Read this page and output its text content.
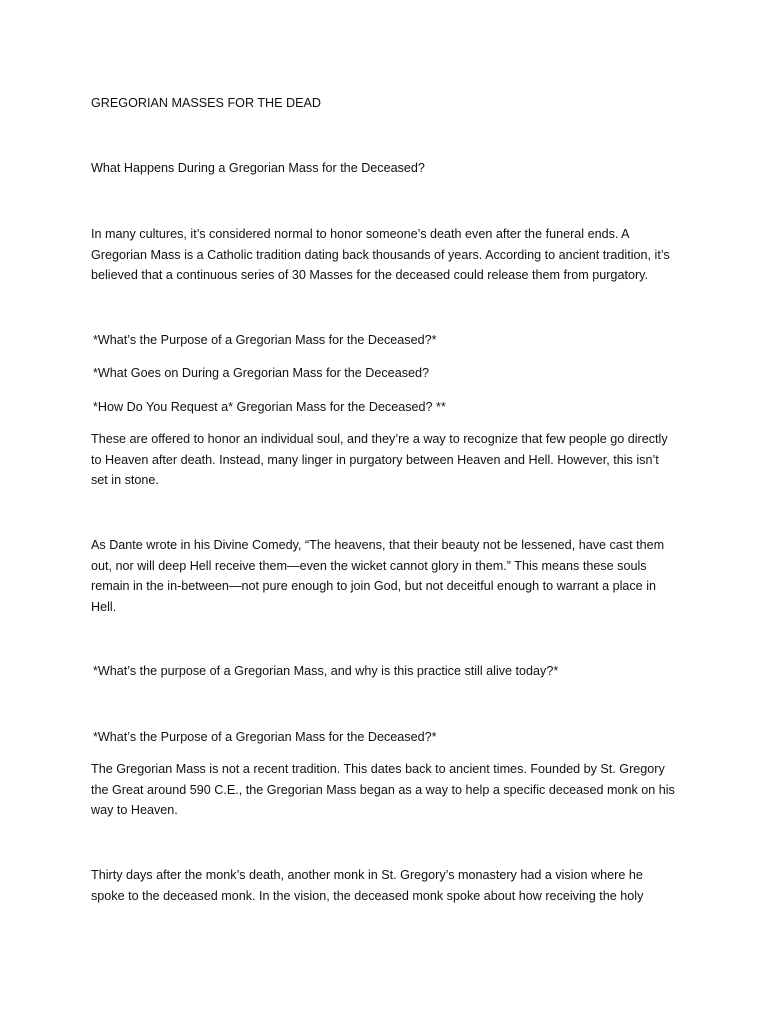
GREGORIAN MASSES FOR THE DEAD

What Happens During a Gregorian Mass for the Deceased?

In many cultures, it’s considered normal to honor someone’s death even after the funeral ends. A

Gregorian Mass is a Catholic tradition dating back thousands of years. According to ancient tradition, it’s

believed that a continuous series of 30 Masses for the deceased could release them from purgatory.

*What’s the Purpose of a Gregorian Mass for the Deceased?*

*What Goes on During a Gregorian Mass for the Deceased?

*How Do You Request a* Gregorian Mass for the Deceased? **

These are offered to honor an individual soul, and they’re a way to recognize that few people go directly

to Heaven after death. Instead, many linger in purgatory between Heaven and Hell. However, this isn’t

set in stone.

As Dante wrote in his Divine Comedy, “The heavens, that their beauty not be lessened, have cast them

out, nor will deep Hell receive them—even the wicket cannot glory in them.” This means these souls

remain in the in-between—not pure enough to join God, but not deceitful enough to warrant a place in

Hell.

*What’s the purpose of a Gregorian Mass, and why is this practice still alive today?*

*What’s the Purpose of a Gregorian Mass for the Deceased?*

The Gregorian Mass is not a recent tradition. This dates back to ancient times. Founded by St. Gregory

the Great around 590 C.E., the Gregorian Mass began as a way to help a specific deceased monk on his

way to Heaven.

Thirty days after the monk’s death, another monk in St. Gregory’s monastery had a vision where he

spoke to the deceased monk. In the vision, the deceased monk spoke about how receiving the holy
